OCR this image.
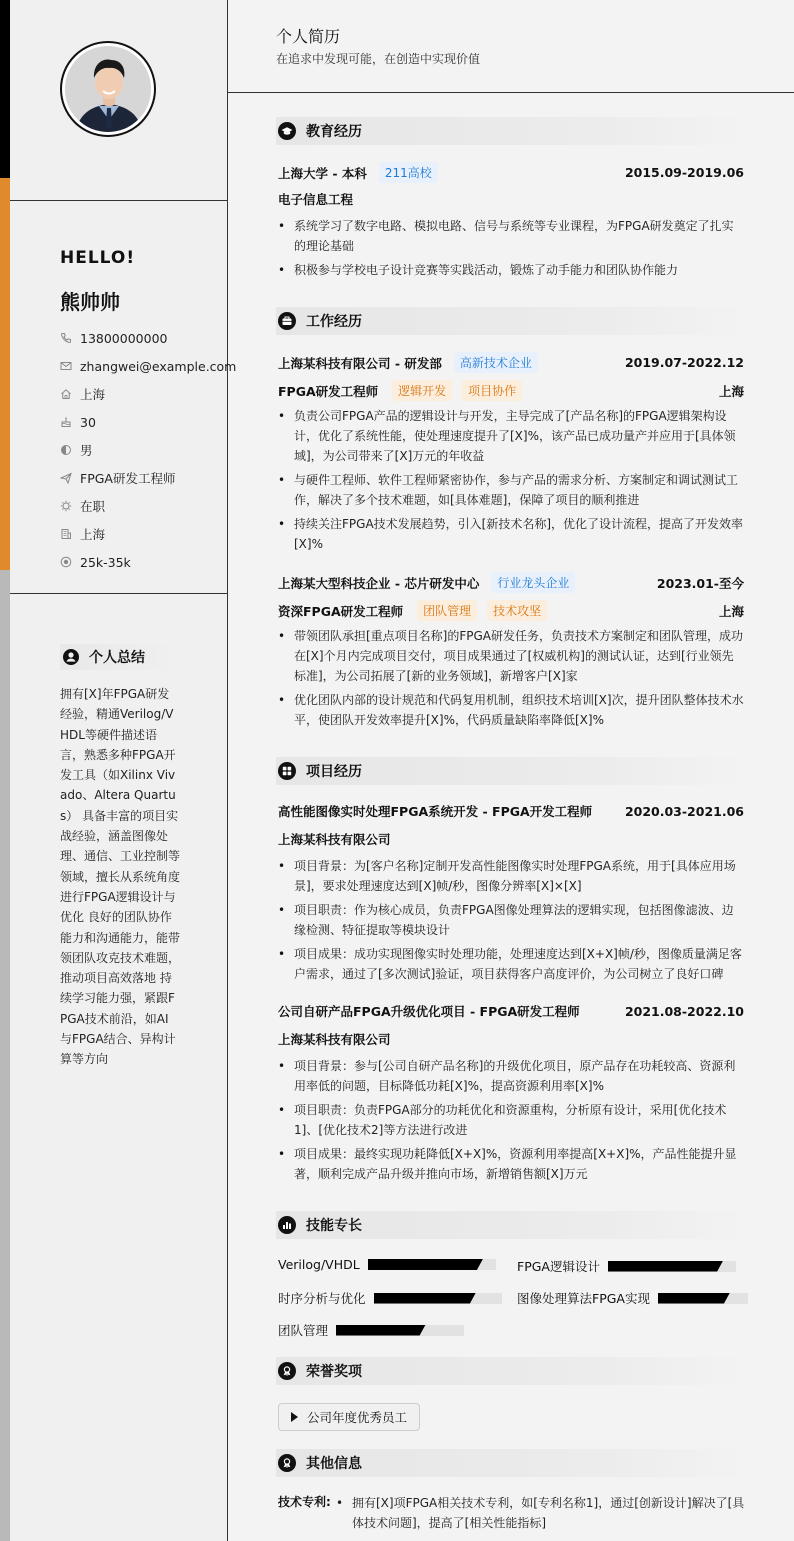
HELLO!
熊帅帅
13800000000
zhangwei@example.com
上海
30
男
FPGA研发工程师
在职
上海
25k-35k
个人总结
拥有[X]年FPGA研发经验，精通Verilog/VHDL等硬件描述语言，熟悉多种FPGA开发工具（如Xilinx Vivado、Altera Quartus） 具备丰富的项目实战经验，涵盖图像处理、通信、工业控制等领域，擅长从系统角度进行FPGA逻辑设计与优化 良好的团队协作能力和沟通能力，能带领团队攻克技术难题，推动项目高效落地 持续学习能力强，紧跟FPGA技术前沿，如AI与FPGA结合、异构计算等方向
个人简历
在追求中发现可能，在创造中实现价值
教育经历
上海大学 - 本科	211高校	2015.09-2019.06
电子信息工程
• 系统学习了数字电路、模拟电路、信号与系统等专业课程，为FPGA研发奠定了扎实的理论基础
• 积极参与学校电子设计竞赛等实践活动，锻炼了动手能力和团队协作能力
工作经历
上海某科技有限公司 - 研发部	高新技术企业	2019.07-2022.12
FPGA研发工程师	逻辑开发	项目协作	上海
• 负责公司FPGA产品的逻辑设计与开发，主导完成了[产品名称]的FPGA逻辑架构设计，优化了系统性能，使处理速度提升了[X]%，该产品已成功量产并应用于[具体领域]，为公司带来了[X]万元的年收益
• 与硬件工程师、软件工程师紧密协作，参与产品的需求分析、方案制定和调试测试工作，解决了多个技术难题，如[具体难题]，保障了项目的顺利推进
• 持续关注FPGA技术发展趋势，引入[新技术名称]，优化了设计流程，提高了开发效率[X]%
上海某大型科技企业 - 芯片研发中心	行业龙头企业	2023.01-至今
资深FPGA研发工程师	团队管理	技术攻坚	上海
• 带领团队承担[重点项目名称]的FPGA研发任务，负责技术方案制定和团队管理，成功在[X]个月内完成项目交付，项目成果通过了[权威机构]的测试认证，达到[行业领先标准]，为公司拓展了[新的业务领域]，新增客户[X]家
• 优化团队内部的设计规范和代码复用机制，组织技术培训[X]次，提升团队整体技术水平，使团队开发效率提升[X]%，代码质量缺陷率降低[X]%
项目经历
高性能图像实时处理FPGA系统开发 - FPGA开发工程师	2020.03-2021.06
上海某科技有限公司
• 项目背景：为[客户名称]定制开发高性能图像实时处理FPGA系统，用于[具体应用场景]，要求处理速度达到[X]帧/秒，图像分辨率[X]×[X]
• 项目职责：作为核心成员，负责FPGA图像处理算法的逻辑实现，包括图像滤波、边缘检测、特征提取等模块设计
• 项目成果：成功实现图像实时处理功能，处理速度达到[X+X]帧/秒，图像质量满足客户需求，通过了[多次测试]验证，项目获得客户高度评价，为公司树立了良好口碑
公司自研产品FPGA升级优化项目 - FPGA研发工程师	2021.08-2022.10
上海某科技有限公司
• 项目背景：参与[公司自研产品名称]的升级优化项目，原产品存在功耗较高、资源利用率低的问题，目标降低功耗[X]%，提高资源利用率[X]%
• 项目职责：负责FPGA部分的功耗优化和资源重构，分析原有设计，采用[优化技术1]、[优化技术2]等方法进行改进
• 项目成果：最终实现功耗降低[X+X]%，资源利用率提高[X+X]%，产品性能提升显著，顺利完成产品升级并推向市场，新增销售额[X]万元
技能专长
Verilog/VHDL	FPGA逻辑设计
时序分析与优化	图像处理算法FPGA实现
团队管理
荣誉奖项
公司年度优秀员工
其他信息
技术专利:
•	拥有[X]项FPGA相关技术专利，如[专利名称1]，通过[创新设计]解决了[具体技术问题]，提高了[相关性能指标]
